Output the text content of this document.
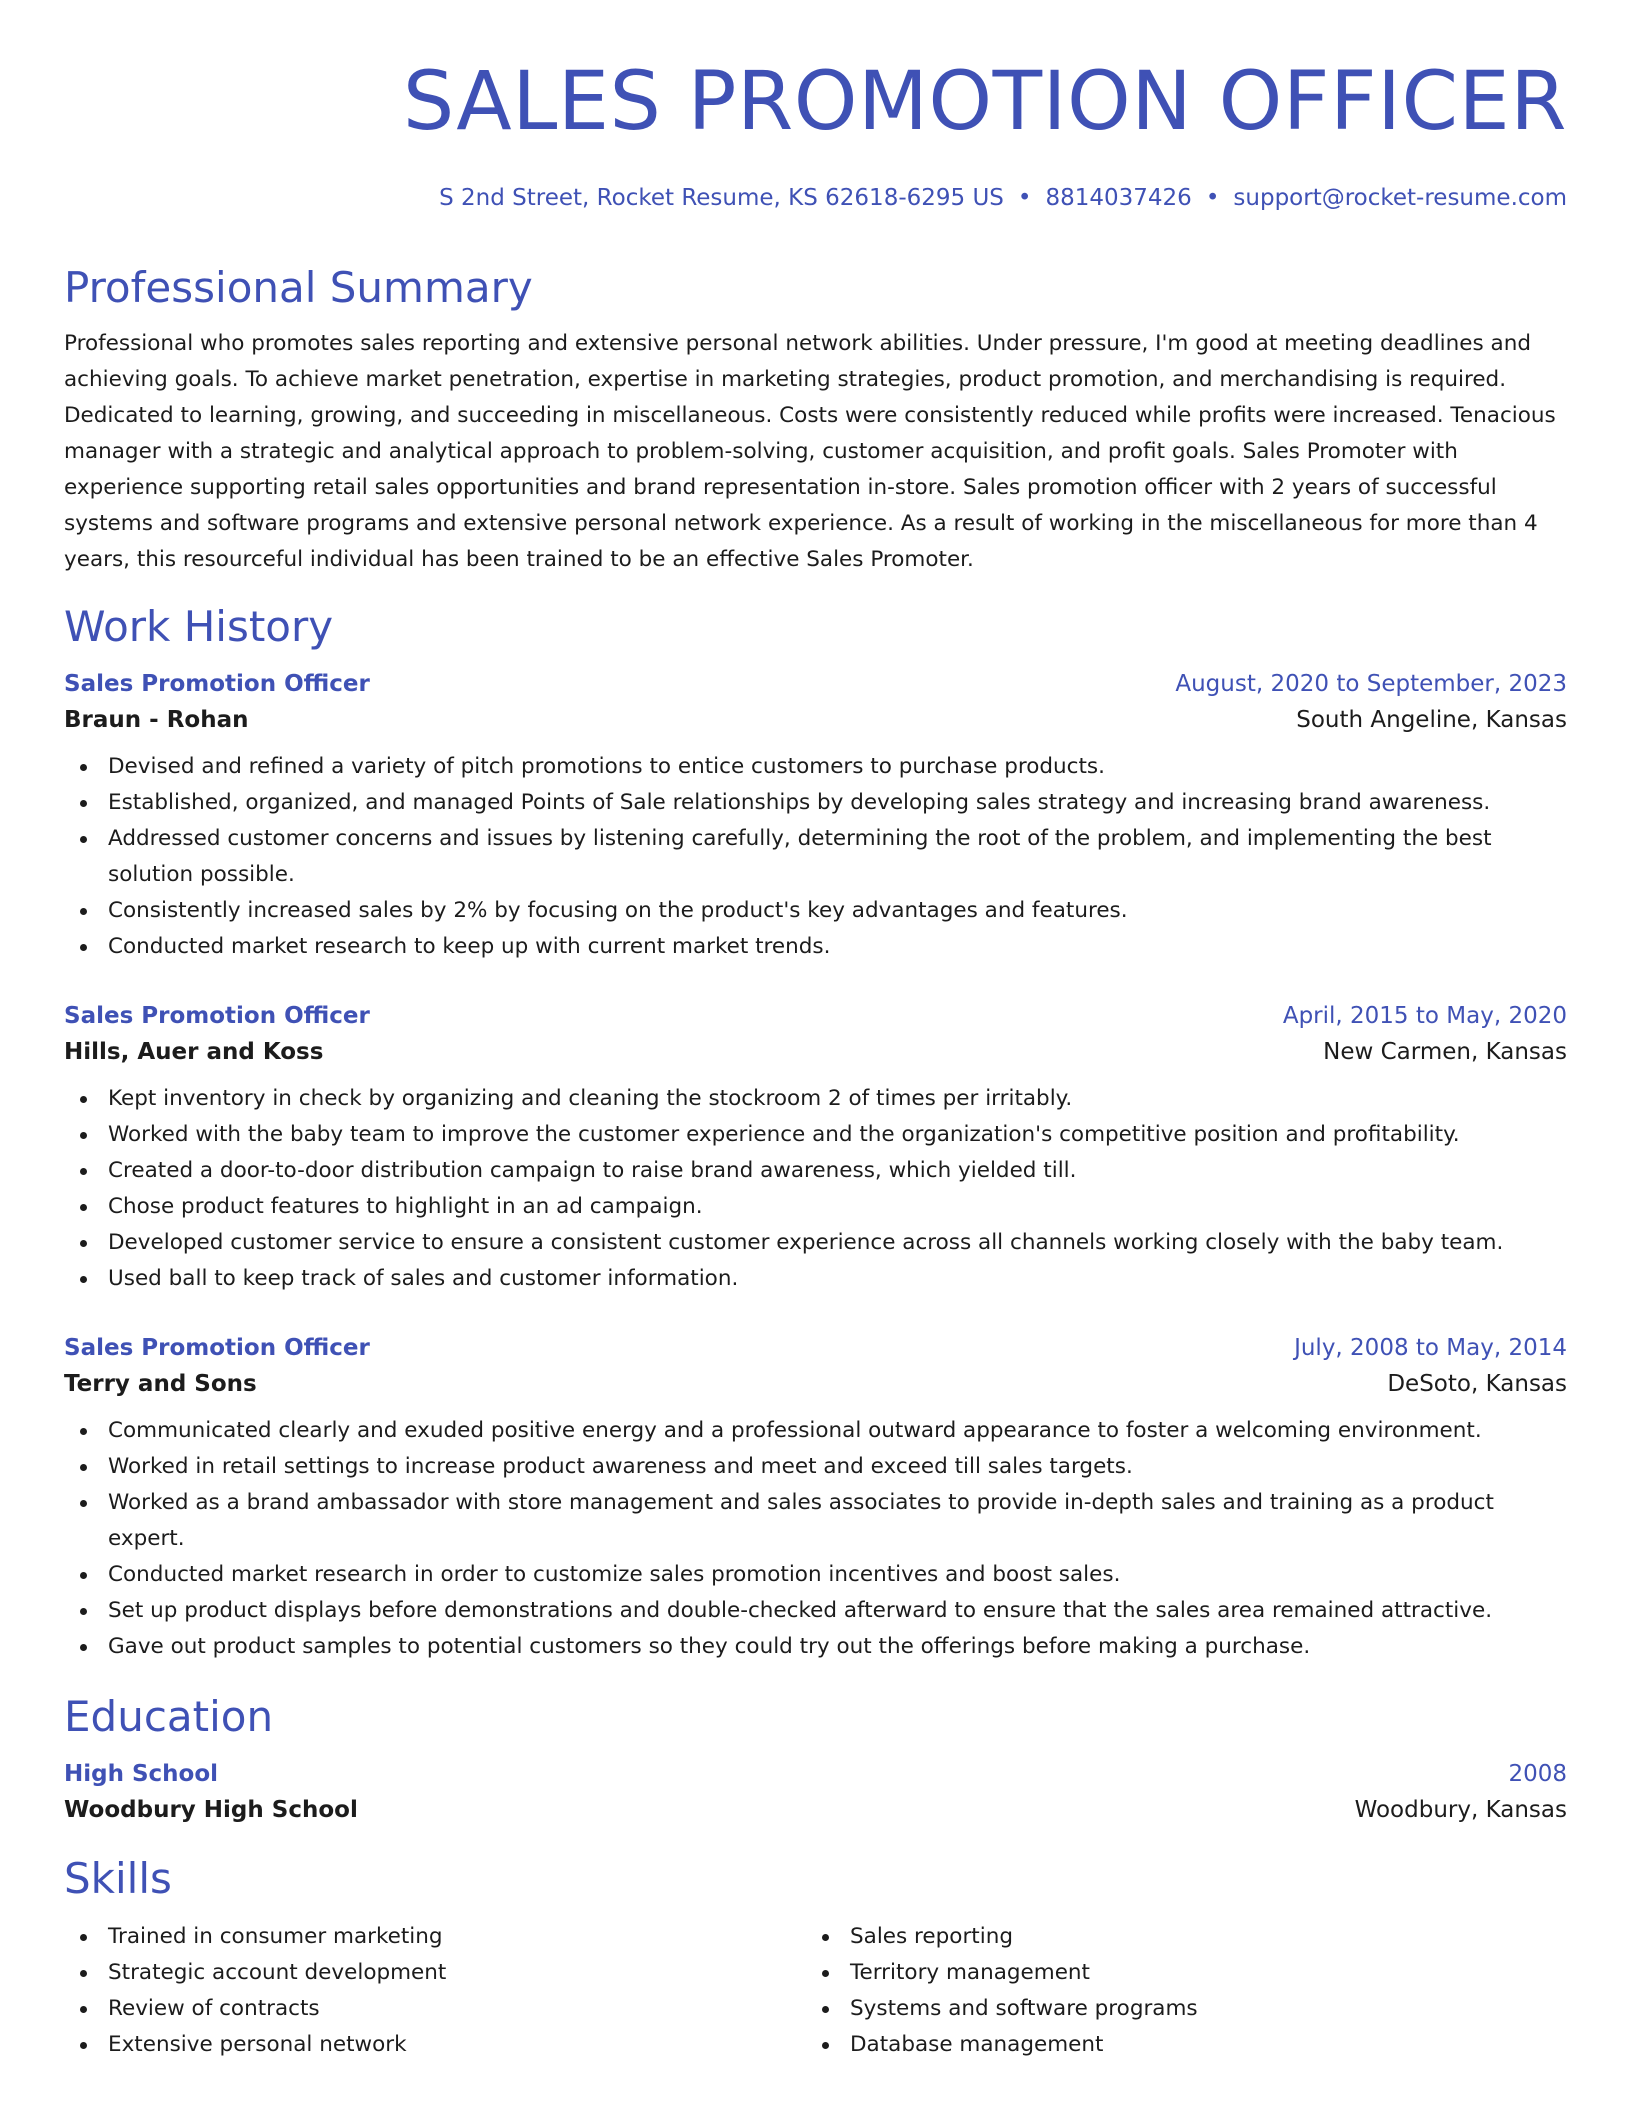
SALES PROMOTION OFFICER
S 2nd Street, Rocket Resume, KS 62618-6295 US • 8814037426 • support@rocket-resume.com
Professional Summary

Professional who promotes sales reporting and extensive personal network abilities. Under pressure, I'm good at meeting deadlines and achieving goals. To achieve market penetration, expertise in marketing strategies, product promotion, and merchandising is required. Dedicated to learning, growing, and succeeding in miscellaneous. Costs were consistently reduced while profits were increased. Tenacious manager with a strategic and analytical approach to problem-solving, customer acquisition, and profit goals. Sales Promoter with experience supporting retail sales opportunities and brand representation in-store. Sales promotion officer with 2 years of successful systems and software programs and extensive personal network experience. As a result of working in the miscellaneous for more than 4 years, this resourceful individual has been trained to be an effective Sales Promoter.

Work History
Sales Promotion Officer	August, 2020 to September, 2023
Braun - Rohan	South Angeline, Kansas
Devised and refined a variety of pitch promotions to entice customers to purchase products.
Established, organized, and managed Points of Sale relationships by developing sales strategy and increasing brand awareness.
Addressed customer concerns and issues by listening carefully, determining the root of the problem, and implementing the best solution possible.
Consistently increased sales by 2% by focusing on the product's key advantages and features.
Conducted market research to keep up with current market trends.
Sales Promotion Officer	April, 2015 to May, 2020
Hills, Auer and Koss	New Carmen, Kansas
Kept inventory in check by organizing and cleaning the stockroom 2 of times per irritably.
Worked with the baby team to improve the customer experience and the organization's competitive position and profitability.
Created a door-to-door distribution campaign to raise brand awareness, which yielded till.
Chose product features to highlight in an ad campaign.
Developed customer service to ensure a consistent customer experience across all channels working closely with the baby team.
Used ball to keep track of sales and customer information.
Sales Promotion Officer	July, 2008 to May, 2014
Terry and Sons	DeSoto, Kansas
Communicated clearly and exuded positive energy and a professional outward appearance to foster a welcoming environment.
Worked in retail settings to increase product awareness and meet and exceed till sales targets.
Worked as a brand ambassador with store management and sales associates to provide in-depth sales and training as a product expert.
Conducted market research in order to customize sales promotion incentives and boost sales.
Set up product displays before demonstrations and double-checked afterward to ensure that the sales area remained attractive.
Gave out product samples to potential customers so they could try out the offerings before making a purchase.
Education
High School	2008
Woodbury High School	Woodbury, Kansas
Skills
Trained in consumer marketing
Strategic account development
Review of contracts
Extensive personal network
Sales reporting
Territory management
Systems and software programs
Database management
